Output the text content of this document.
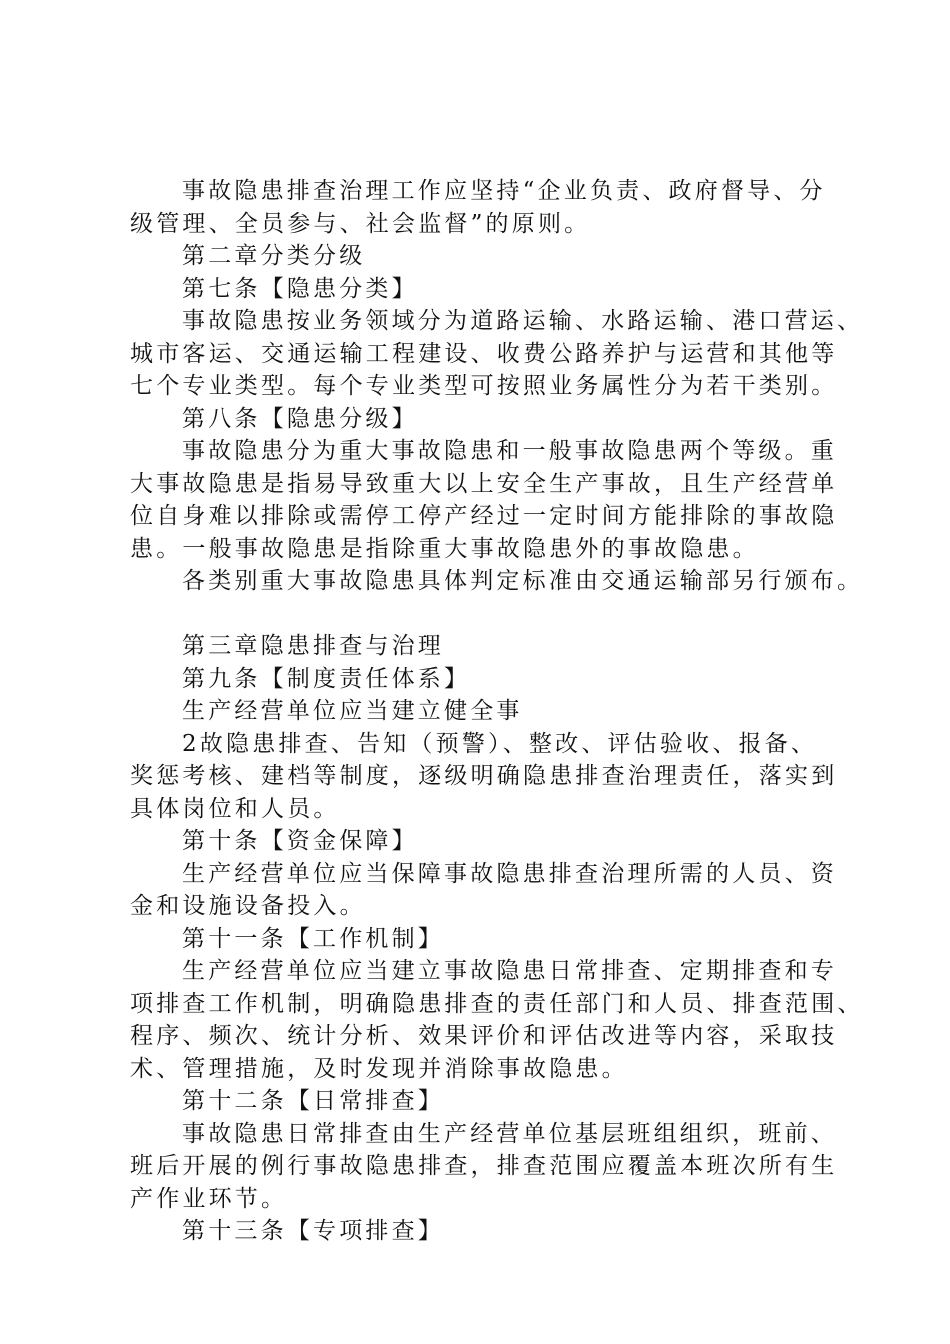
事故隐患排查治理工作应坚持“企业负责、政府督导、分

级管理、全员参与、社会监督”的原则。

第二章分类分级

第七条【隐患分类】

事故隐患按业务领域分为道路运输、水路运输、港口营运、

城市客运、交通运输工程建设、收费公路养护与运营和其他等

七个专业类型。每个专业类型可按照业务属性分为若干类别。

第八条【隐患分级】

事故隐患分为重大事故隐患和一般事故隐患两个等级。重

大事故隐患是指易导致重大以上安全生产事故，且生产经营单

位自身难以排除或需停工停产经过一定时间方能排除的事故隐

患。一般事故隐患是指除重大事故隐患外的事故隐患。

各类别重大事故隐患具体判定标准由交通运输部另行颁布。

第三章隐患排查与治理

第九条【制度责任体系】

生产经营单位应当建立健全事

2故隐患排查、告知（预警）、整改、评估验收、报备、

奖惩考核、建档等制度，逐级明确隐患排查治理责任，落实到

具体岗位和人员。

第十条【资金保障】

生产经营单位应当保障事故隐患排查治理所需的人员、资

金和设施设备投入。

第十一条【工作机制】

生产经营单位应当建立事故隐患日常排查、定期排查和专

项排查工作机制，明确隐患排查的责任部门和人员、排查范围、

程序、频次、统计分析、效果评价和评估改进等内容，采取技

术、管理措施，及时发现并消除事故隐患。

第十二条【日常排查】

事故隐患日常排查由生产经营单位基层班组组织，班前、

班后开展的例行事故隐患排查，排查范围应覆盖本班次所有生

产作业环节。

第十三条【专项排查】
